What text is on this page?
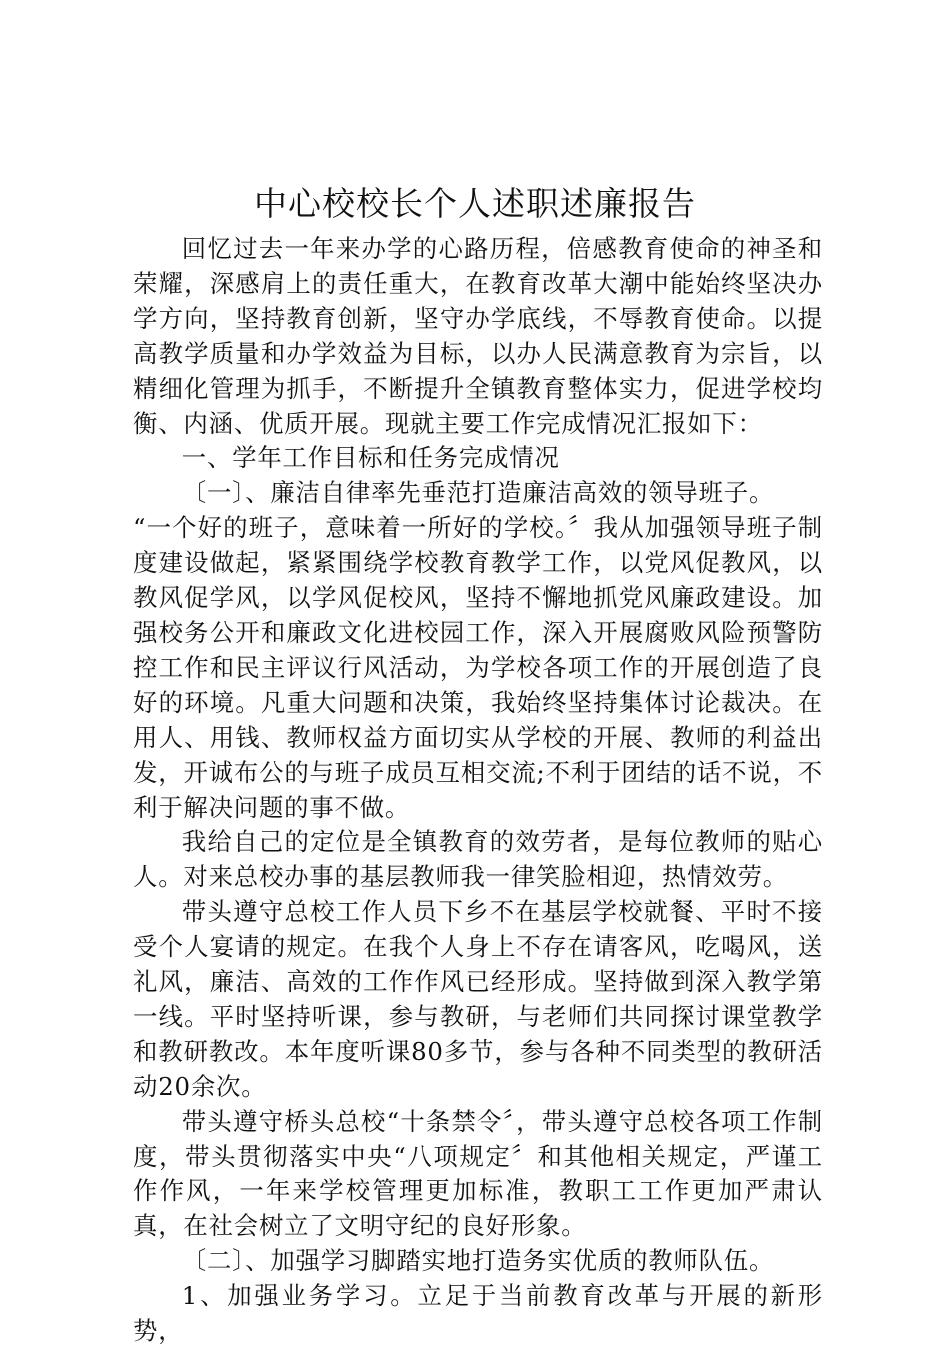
中心校校长个人述职述廉报告

回忆过去一年来办学的心路历程，倍感教育使命的神圣和荣耀，深感肩上的责任重大，在教育改革大潮中能始终坚决办学方向，坚持教育创新，坚守办学底线，不辱教育使命。以提高教学质量和办学效益为目标，以办人民满意教育为宗旨，以精细化管理为抓手，不断提升全镇教育整体实力，促进学校均衡、内涵、优质开展。现就主要工作完成情况汇报如下：

一、学年工作目标和任务完成情况

〔一〕、廉洁自律率先垂范打造廉洁高效的领导班子。

“一个好的班子，意味着一所好的学校。〞我从加强领导班子制度建设做起，紧紧围绕学校教育教学工作，以党风促教风，以教风促学风，以学风促校风，坚持不懈地抓党风廉政建设。加强校务公开和廉政文化进校园工作，深入开展腐败风险预警防控工作和民主评议行风活动，为学校各项工作的开展创造了良好的环境。凡重大问题和决策，我始终坚持集体讨论裁决。在用人、用钱、教师权益方面切实从学校的开展、教师的利益出发，开诚布公的与班子成员互相交流;不利于团结的话不说，不利于解决问题的事不做。

我给自己的定位是全镇教育的效劳者，是每位教师的贴心人。对来总校办事的基层教师我一律笑脸相迎，热情效劳。

带头遵守总校工作人员下乡不在基层学校就餐、平时不接受个人宴请的规定。在我个人身上不存在请客风，吃喝风，送礼风，廉洁、高效的工作作风已经形成。坚持做到深入教学第一线。平时坚持听课，参与教研，与老师们共同探讨课堂教学和教研教改。本年度听课80多节，参与各种不同类型的教研活动20余次。

带头遵守桥头总校“十条禁令〞，带头遵守总校各项工作制度，带头贯彻落实中央“八项规定〞和其他相关规定，严谨工作作风，一年来学校管理更加标准，教职工工作更加严肃认真，在社会树立了文明守纪的良好形象。

〔二〕、加强学习脚踏实地打造务实优质的教师队伍。

1、加强业务学习。立足于当前教育改革与开展的新形势，
